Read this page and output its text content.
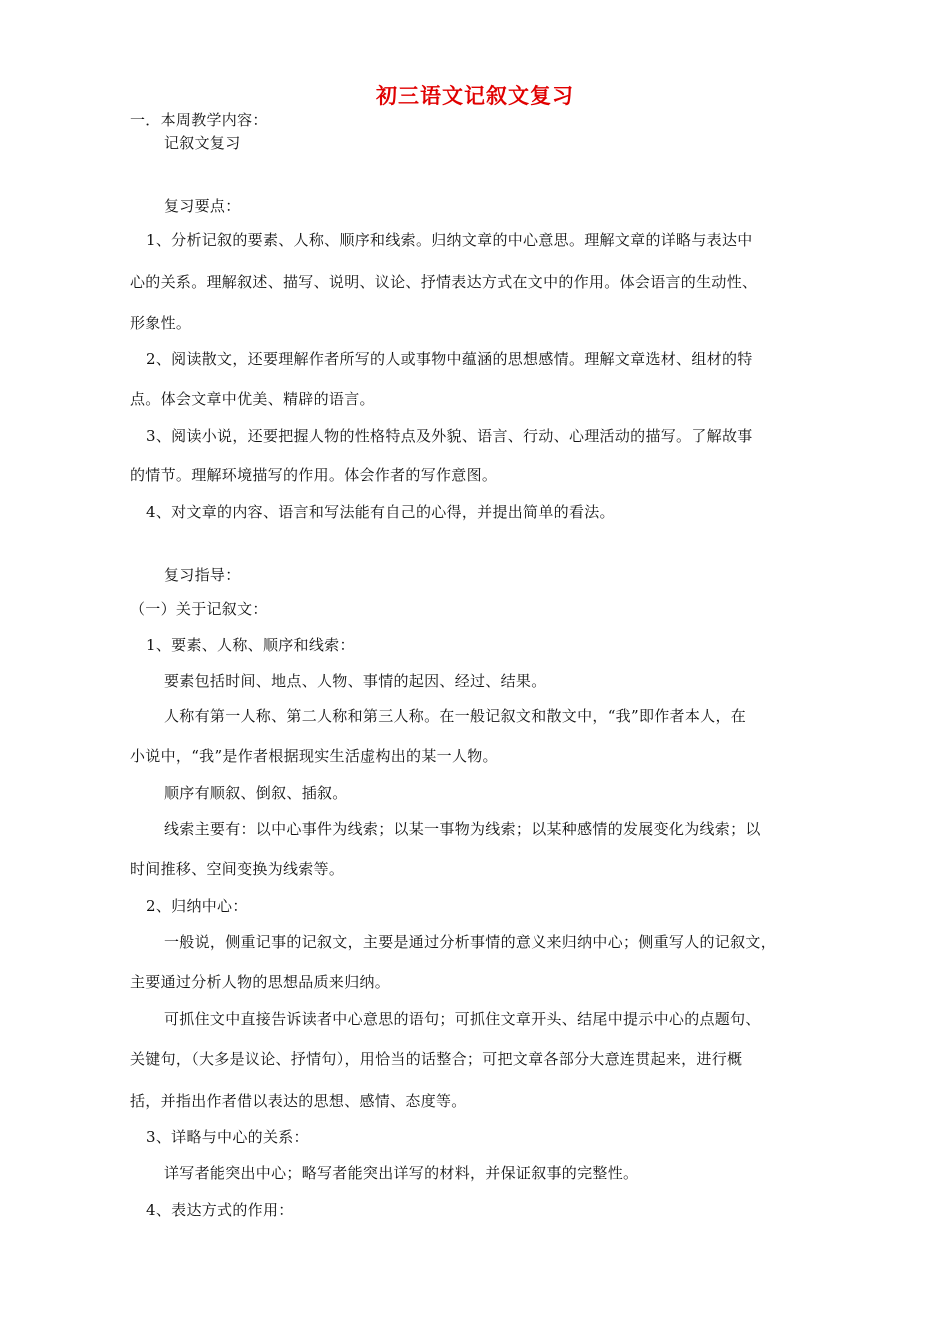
初三语文记叙文复习
一．本周教学内容：
记叙文复习
复习要点：
1、分析记叙的要素、人称、顺序和线索。归纳文章的中心意思。理解文章的详略与表达中
心的关系。理解叙述、描写、说明、议论、抒情表达方式在文中的作用。体会语言的生动性、
形象性。
2、阅读散文，还要理解作者所写的人或事物中蕴涵的思想感情。理解文章选材、组材的特
点。体会文章中优美、精辟的语言。
3、阅读小说，还要把握人物的性格特点及外貌、语言、行动、心理活动的描写。了解故事
的情节。理解环境描写的作用。体会作者的写作意图。
4、对文章的内容、语言和写法能有自己的心得，并提出简单的看法。
复习指导：
（一）关于记叙文：
1、要素、人称、顺序和线索：
要素包括时间、地点、人物、事情的起因、经过、结果。
人称有第一人称、第二人称和第三人称。在一般记叙文和散文中，“我”即作者本人，在
小说中，“我”是作者根据现实生活虚构出的某一人物。
顺序有顺叙、倒叙、插叙。
线索主要有：以中心事件为线索；以某一事物为线索；以某种感情的发展变化为线索；以
时间推移、空间变换为线索等。
2、归纳中心：
一般说，侧重记事的记叙文，主要是通过分析事情的意义来归纳中心；侧重写人的记叙文，
主要通过分析人物的思想品质来归纳。
可抓住文中直接告诉读者中心意思的语句；可抓住文章开头、结尾中提示中心的点题句、
关键句，（大多是议论、抒情句），用恰当的话整合；可把文章各部分大意连贯起来，进行概
括，并指出作者借以表达的思想、感情、态度等。
3、详略与中心的关系：
详写者能突出中心；略写者能突出详写的材料，并保证叙事的完整性。
4、表达方式的作用：
